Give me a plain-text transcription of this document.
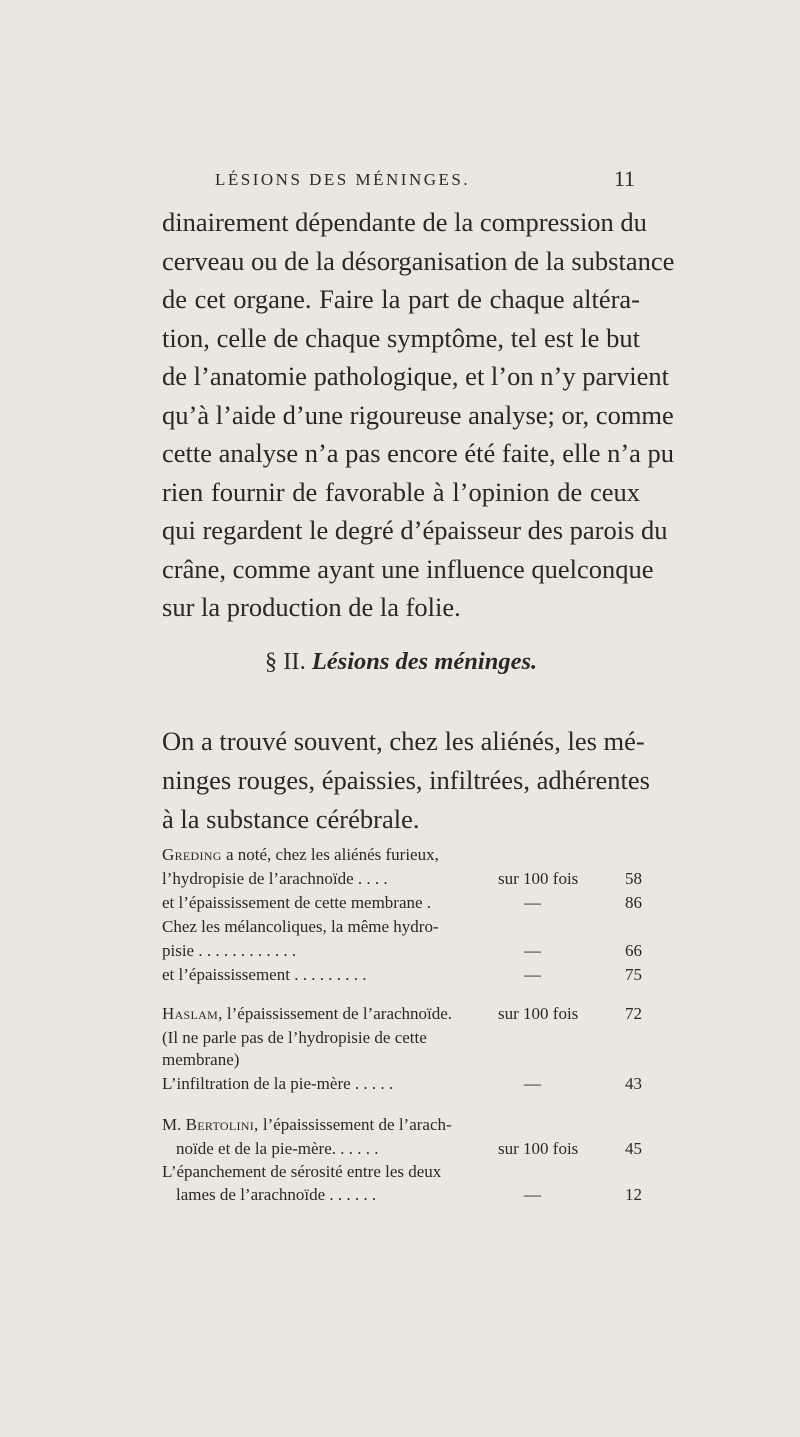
LÉSIONS DES MÉNINGES.	11
dinairement dépendante de la compression du
cerveau ou de la désorganisation de la substance
de cet organe. Faire la part de chaque altéra-
tion, celle de chaque symptôme, tel est le but
de l’anatomie pathologique, et l’on n’y parvient
qu’à l’aide d’une rigoureuse analyse; or, comme
cette analyse n’a pas encore été faite, elle n’a pu
rien fournir de favorable à l’opinion de ceux
qui regardent le degré d’épaisseur des parois du
crâne, comme ayant une influence quelconque
sur la production de la folie.
§ II. Lésions des méninges.
On a trouvé souvent, chez les aliénés, les mé-
ninges rouges, épaissies, infiltrées, adhérentes
à la substance cérébrale.
Greding a noté, chez les aliénés furieux,
l’hydropisie de l’arachnoïde . . . .	sur 100 fois	58
et l’épaississement de cette membrane .	—	86
Chez les mélancoliques, la même hydro-
pisie . . . . . . . . . . . .	—	66
et l’épaississement . . . . . . . . .	—	75
Haslam, l’épaississement de l’arachnoïde.	sur 100 fois	72
(Il ne parle pas de l’hydropisie de cette
membrane)
L’infiltration de la pie-mère . . . . .	—	43
M. Bertolini, l’épaississement de l’arach-
noïde et de la pie-mère. . . . . .	sur 100 fois	45
L’épanchement de sérosité entre les deux
lames de l’arachnoïde . . . . . .	—	12
